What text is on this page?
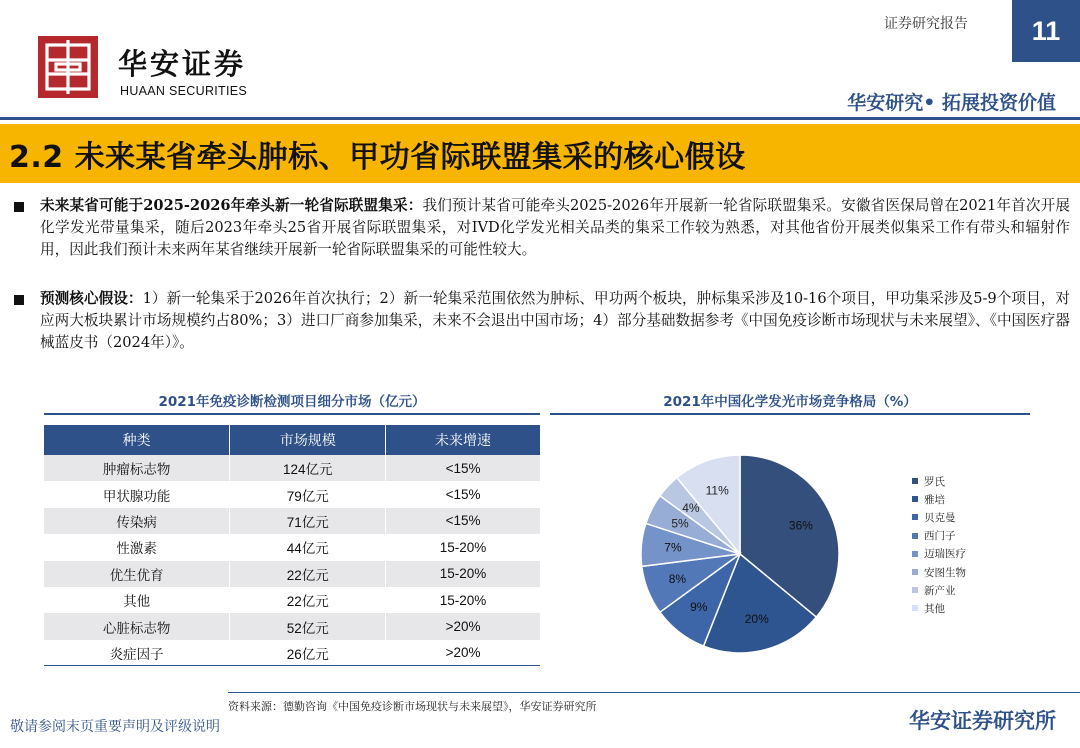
华安证券
HUAAN SECURITIES
证券研究报告	11
华安研究• 拓展投资价值
2.2 未来某省牵头肿标、甲功省际联盟集采的核心假设
未来某省可能于2025-2026年牵头新一轮省际联盟集采：我们预计某省可能牵头2025-2026年开展新一轮省际联盟集采。安徽省医保局曾在2021年首次开展化学发光带量集采，随后2023年牵头25省开展省际联盟集采，对IVD化学发光相关品类的集采工作较为熟悉，对其他省份开展类似集采工作有带头和辐射作用，因此我们预计未来两年某省继续开展新一轮省际联盟集采的可能性较大。
预测核心假设：1）新一轮集采于2026年首次执行；2）新一轮集采范围依然为肿标、甲功两个板块，肿标集采涉及10-16个项目，甲功集采涉及5-9个项目，对应两大板块累计市场规模约占80%；3）进口厂商参加集采，未来不会退出中国市场；4）部分基础数据参考《中国免疫诊断市场现状与未来展望》、《中国医疗器械蓝皮书（2024年）》。
2021年免疫诊断检测项目细分市场（亿元）
种类	市场规模	未来增速
肿瘤标志物	124亿元	<15%
甲状腺功能	79亿元	<15%
传染病	71亿元	<15%
性激素	44亿元	15-20%
优生优育	22亿元	15-20%
其他	22亿元	15-20%
心脏标志物	52亿元	>20%
炎症因子	26亿元	>20%
2021年中国化学发光市场竞争格局（%）
36%
20%
9%
8%
7%
5%
4%
11%
罗氏
雅培
贝克曼
西门子
迈瑞医疗
安图生物
新产业
其他
资料来源：德勤咨询《中国免疫诊断市场现状与未来展望》，华安证券研究所
敬请参阅末页重要声明及评级说明	华安证券研究所
